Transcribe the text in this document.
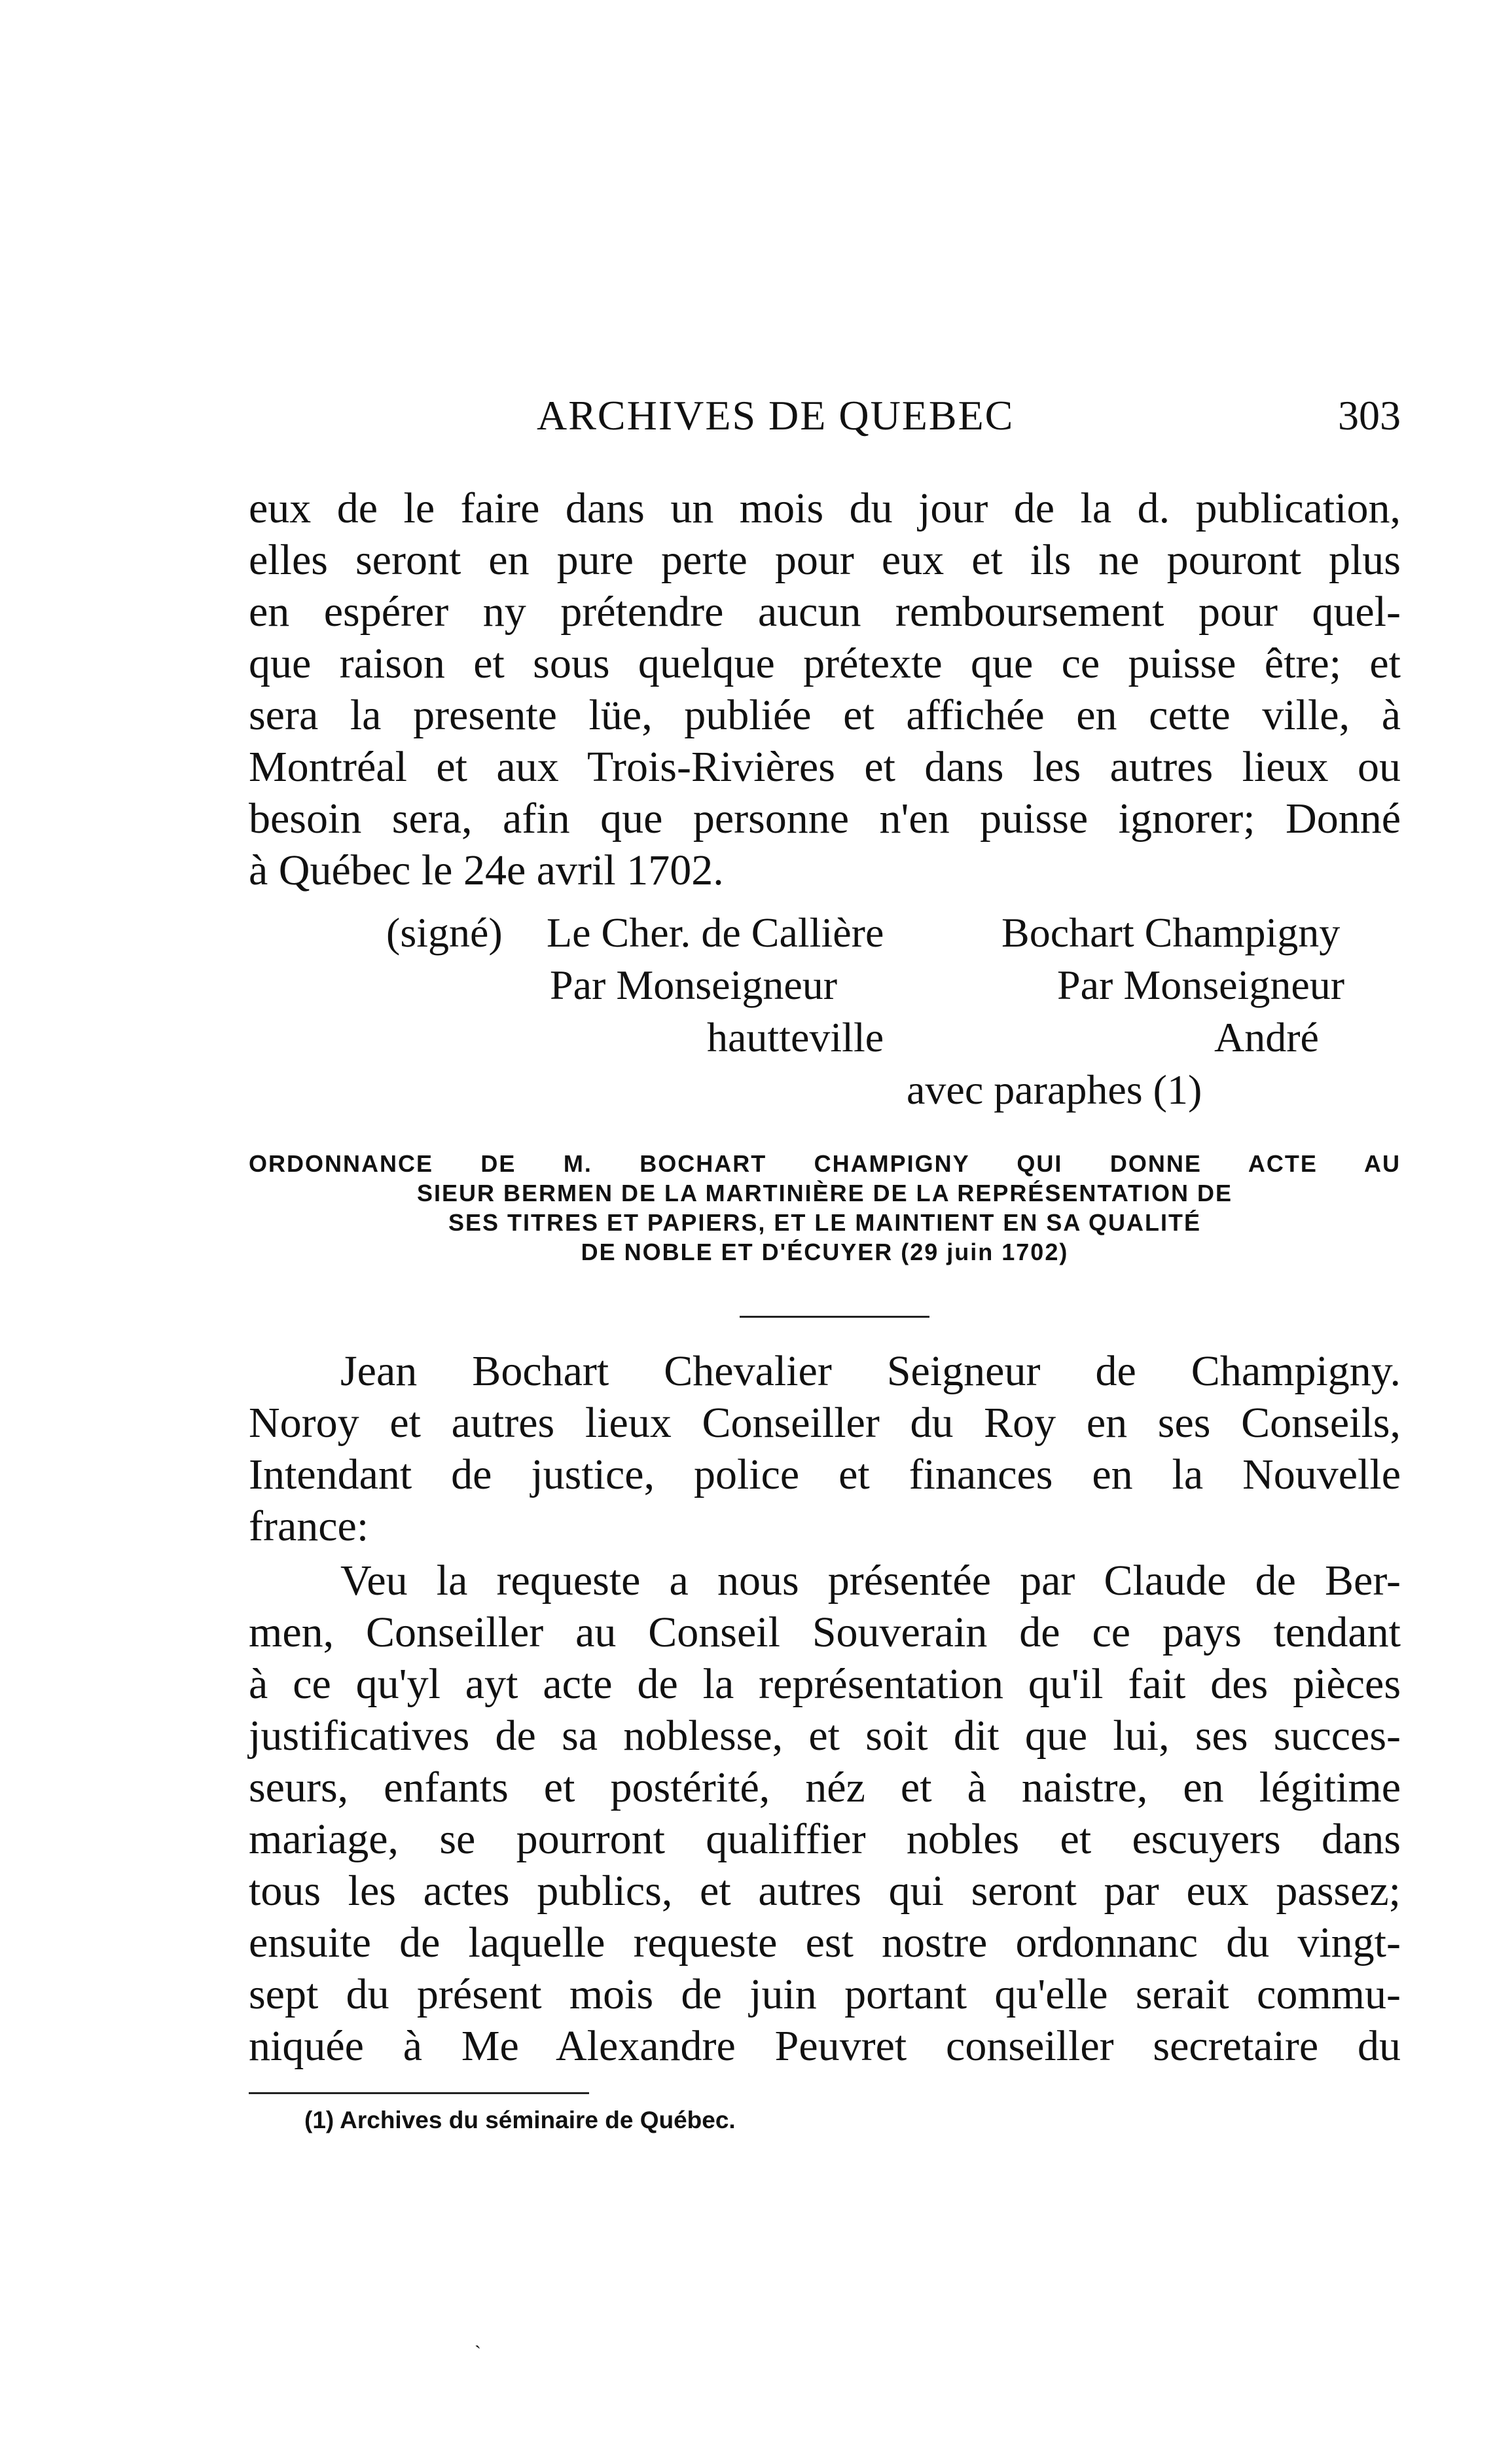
ARCHIVES DE QUEBEC	303
eux de le faire dans un mois du jour de la d. publication,
elles seront en pure perte pour eux et ils ne pouront plus
en espérer ny prétendre aucun remboursement pour quel-
que raison et sous quelque prétexte que ce puisse être; et
sera la presente lüe, publiée et affichée en cette ville, à
Montréal et aux Trois-Rivières et dans les autres lieux ou
besoin sera, afin que personne n'en puisse ignorer; Donné
à Québec le 24e avril 1702.
(signé) Le Cher. de Callière	Bochart Champigny
Par Monseigneur	Par Monseigneur
hautteville	André
avec paraphes (1)
ORDONNANCE DE M. BOCHART CHAMPIGNY QUI DONNE ACTE AU
SIEUR BERMEN DE LA MARTINIÈRE DE LA REPRÉSENTATION DE
SES TITRES ET PAPIERS, ET LE MAINTIENT EN SA QUALITÉ
DE NOBLE ET D'ÉCUYER (29 juin 1702)
Jean Bochart Chevalier Seigneur de Champigny.
Noroy et autres lieux Conseiller du Roy en ses Conseils,
Intendant de justice, police et finances en la Nouvelle
france:
Veu la requeste a nous présentée par Claude de Ber-
men, Conseiller au Conseil Souverain de ce pays tendant
à ce qu'yl ayt acte de la représentation qu'il fait des pièces
justificatives de sa noblesse, et soit dit que lui, ses succes-
seurs, enfants et postérité, néz et à naistre, en légitime
mariage, se pourront qualiffier nobles et escuyers dans
tous les actes publics, et autres qui seront par eux passez;
ensuite de laquelle requeste est nostre ordonnanc du vingt-
sept du présent mois de juin portant qu'elle serait commu-
niquée à Me Alexandre Peuvret conseiller secretaire du
(1) Archives du séminaire de Québec.
ˎ
